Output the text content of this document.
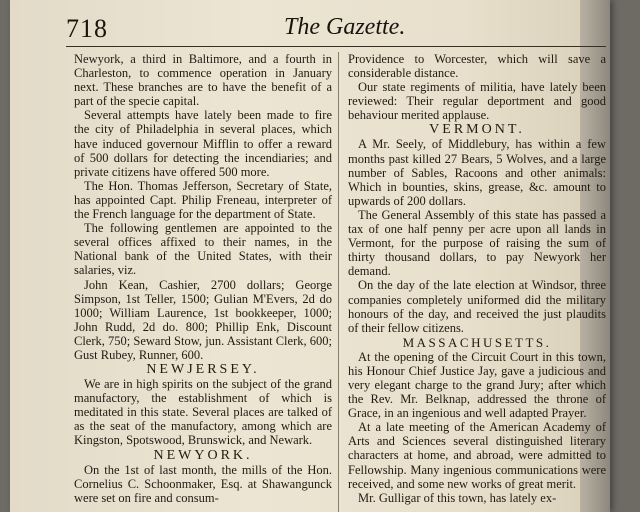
718	The Gazette.

Newyork, a third in Baltimore, and a fourth in Charleston, to commence operation in January next. These branches are to have the benefit of a part of the specie capital.

Several attempts have lately been made to fire the city of Philadelphia in several places, which have induced governour Mifflin to offer a reward of 500 dollars for detecting the incendiaries; and private citizens have offered 500 more.

The Hon. Thomas Jefferson, Secretary of State, has appointed Capt. Philip Freneau, interpreter of the French language for the department of State.

The following gentlemen are appointed to the several offices affixed to their names, in the National bank of the United States, with their salaries, viz.

John Kean, Cashier, 2700 dollars; George Simpson, 1st Teller, 1500; Gulian M'Evers, 2d do 1000; William Laurence, 1st bookkeeper, 1000; John Rudd, 2d do. 800; Phillip Enk, Discount Clerk, 750; Seward Stow, jun. Assistant Clerk, 600; Gust Rubey, Runner, 600.

NEWJERSEY.

We are in high spirits on the subject of the grand manufactory, the establishment of which is meditated in this state. Several places are talked of as the seat of the manufactory, among which are Kingston, Spotswood, Brunswick, and Newark.

NEWYORK.

On the 1st of last month, the mills of the Hon. Cornelius C. Schoonmaker, Esq. at Shawangunck were set on fire and consum-

Providence to Worcester, which will save a considerable distance.

Our state regiments of militia, have lately been reviewed: Their regular deportment and good behaviour merited applause.

VERMONT.

A Mr. Seely, of Middlebury, has within a few months past killed 27 Bears, 5 Wolves, and a large number of Sables, Racoons and other animals: Which in bounties, skins, grease, &c. amount to upwards of 200 dollars.

The General Assembly of this state has passed a tax of one half penny per acre upon all lands in Vermont, for the purpose of raising the sum of thirty thousand dollars, to pay Newyork her demand.

On the day of the late election at Windsor, three companies completely uniformed did the military honours of the day, and received the just plaudits of their fellow citizens.

MASSACHUSETTS.

At the opening of the Circuit Court in this town, his Honour Chief Justice Jay, gave a judicious and very elegant charge to the grand Jury; after which the Rev. Mr. Belknap, addressed the throne of Grace, in an ingenious and well adapted Prayer.

At a late meeting of the American Academy of Arts and Sciences several distinguished literary characters at home, and abroad, were admitted to Fellowship. Many ingenious communications were received, and some new works of great merit.

Mr. Gulligar of this town, has lately ex-
